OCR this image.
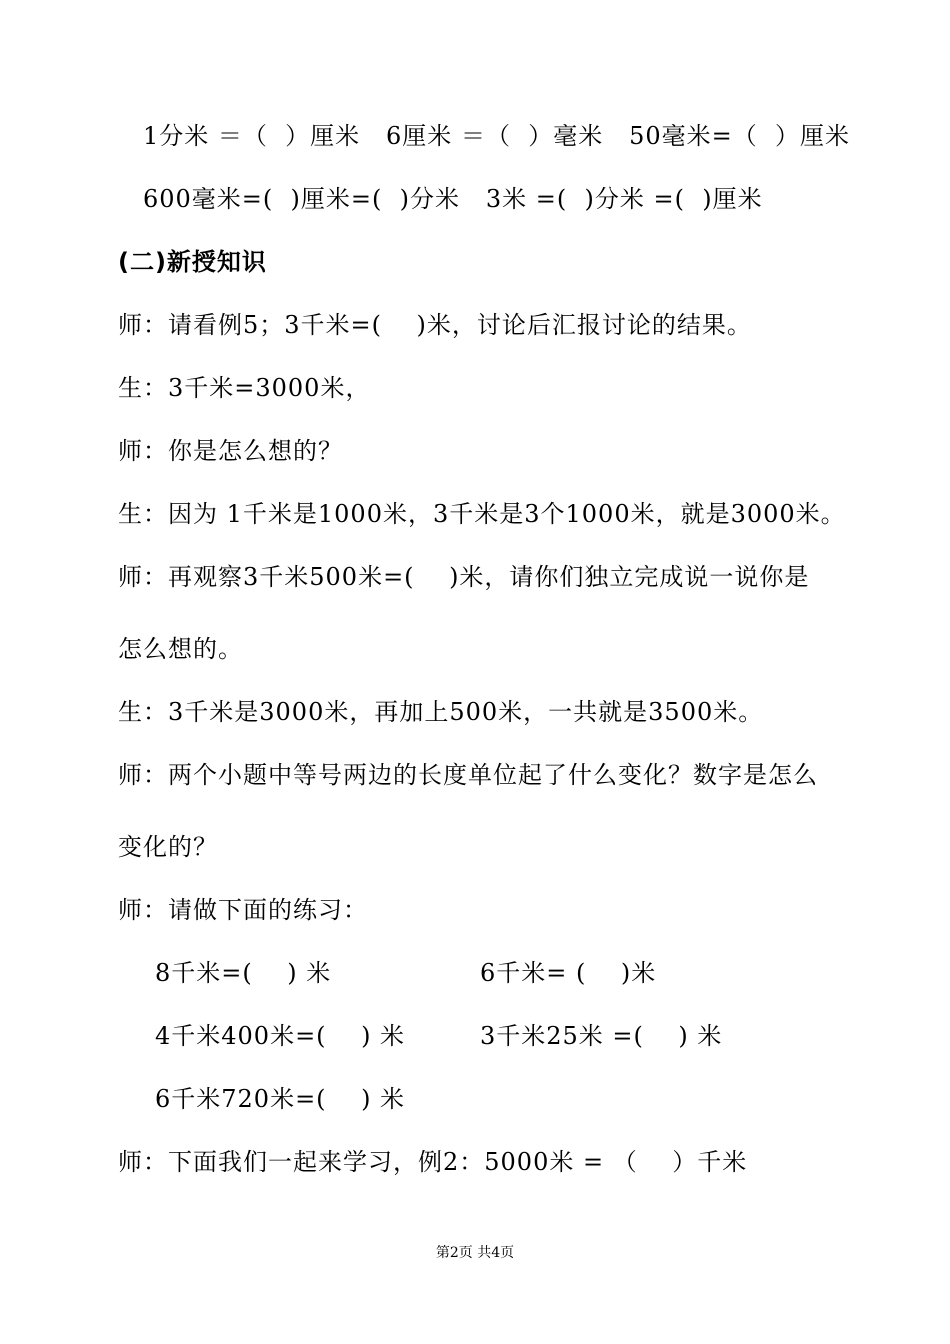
1分米 ＝（  ）厘米   6厘米 ＝（  ）毫米   50毫米=（  ）厘米
600毫米=(  )厘米=(  )分米   3米 =(  )分米 =(  )厘米
(二)新授知识
师：请看例5；3千米=(    )米，讨论后汇报讨论的结果。
生：3千米=3000米，
师：你是怎么想的？
生：因为 1千米是1000米，3千米是3个1000米，就是3000米。
师：再观察3千米500米=(    )米，请你们独立完成说一说你是
怎么想的。
生：3千米是3000米，再加上500米，一共就是3500米。
师：两个小题中等号两边的长度单位起了什么变化？数字是怎么
变化的？
师：请做下面的练习：
8千米=(    ) 米	6千米= (    )米
4千米400米=(    ) 米	3千米25米 =(    ) 米
6千米720米=(    ) 米
师：下面我们一起来学习，例2：5000米 = （    ）千米
第2页 共4页
